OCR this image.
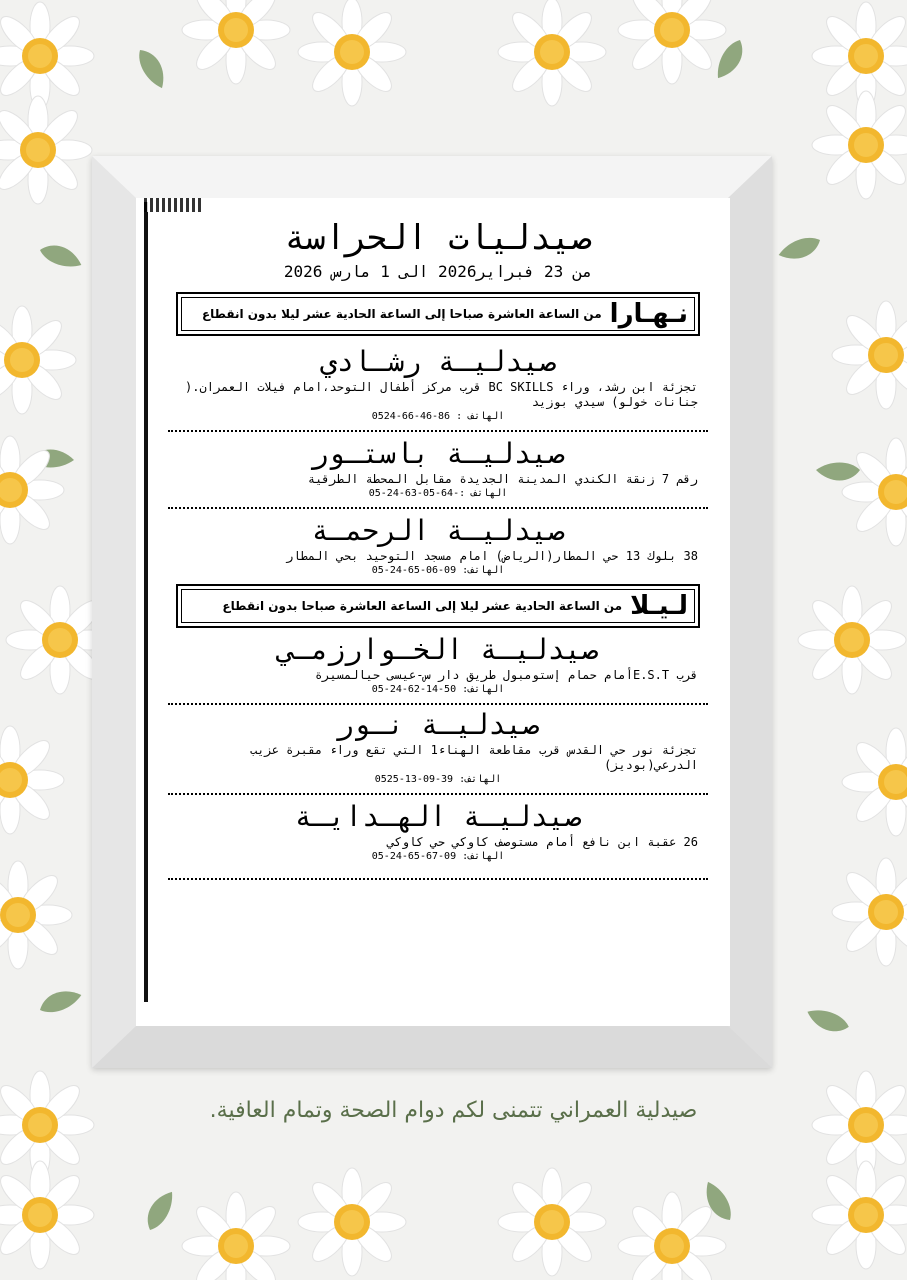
صيدليات الحراسة
من 23 فبراير2026 الى 1 مارس 2026
نـهـارا
من الساعة العاشرة صباحا إلى الساعة الحادية عشر ليلا بدون انقطاع
صيدليـة رشـادي
تجزئة ابن رشد، وراء BC SKILLS قرب مركز أطفال التوحد،امام فيلات العمران.( جنانات خولو) سيدي بوزيد
الهاتف : 86-46-66-0524
صيدليـة باستـور
رقم 7 زنقة الكندي المدينة الجديدة مقابل المحطة الطرقية
الهاتف :-64-05-63-24-05
صيدليـة الرحمـة
38 بلوك 13 حي المطار(الرياض) امام مسجد التوحيد بحي المطار
الهاتف: 09-06-65-24-05
لـيـلا
من الساعة الحادية عشر ليلا إلى الساعة العاشرة صباحا بدون انقطاع
صيدليـة الخـوارزمـي
قرب E.S.Tأمام حمام إستومبول طريق دار س-عيسى حيالمسيرة
الهاتف: 50-14-62-24-05
صيدليـة نـور
تجزئة نور حي القدس قرب مقاطعة الهناء1 التي تقع وراء مقبرة عزيب الدرعي(بوديز)
الهاتف: 39-09-13-0525
صيدليـة الهـدايـة
26 عقبة ابن نافع أمام مستوصف كاوكي حي كاوكي
الهاتف: 09-67-65-24-05
صيدلية العمراني تتمنى لكم دوام الصحة وتمام العافية.
